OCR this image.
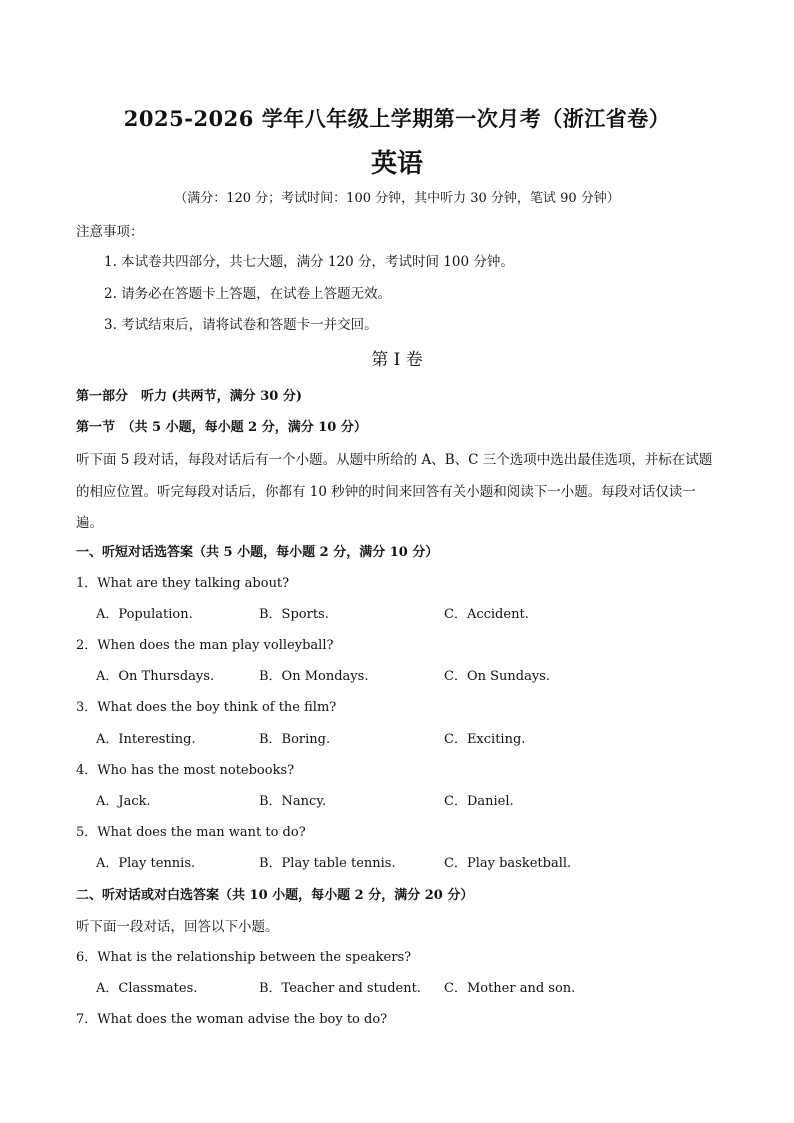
2025-2026 学年八年级上学期第一次月考（浙江省卷）
英语
（满分：120 分；考试时间：100 分钟，其中听力 30 分钟，笔试 90 分钟）
注意事项：
1. 本试卷共四部分，共七大题，满分 120 分，考试时间 100 分钟。
2. 请务必在答题卡上答题，在试卷上答题无效。
3. 考试结束后，请将试卷和答题卡一并交回。
第 I 卷
第一部分　听力 (共两节，满分 30 分)
第一节　（共 5 小题，每小题 2 分，满分 10 分）
听下面 5 段对话，每段对话后有一个小题。从题中所给的 A、B、C 三个选项中选出最佳选项，并标在试题的相应位置。听完每段对话后，你都有 10 秒钟的时间来回答有关小题和阅读下一小题。每段对话仅读一遍。
一、听短对话选答案（共 5 小题，每小题 2 分，满分 10 分）
1．What are they talking about?
A．Population.	B．Sports.	C．Accident.
2．When does the man play volleyball?
A．On Thursdays.	B．On Mondays.	C．On Sundays.
3．What does the boy think of the film?
A．Interesting.	B．Boring.	C．Exciting.
4．Who has the most notebooks?
A．Jack.	B．Nancy.	C．Daniel.
5．What does the man want to do?
A．Play tennis.	B．Play table tennis.	C．Play basketball.
二、听对话或对白选答案（共 10 小题，每小题 2 分，满分 20 分）
听下面一段对话，回答以下小题。
6．What is the relationship between the speakers?
A．Classmates.	B．Teacher and student. C．Mother and son.
7．What does the woman advise the boy to do?
